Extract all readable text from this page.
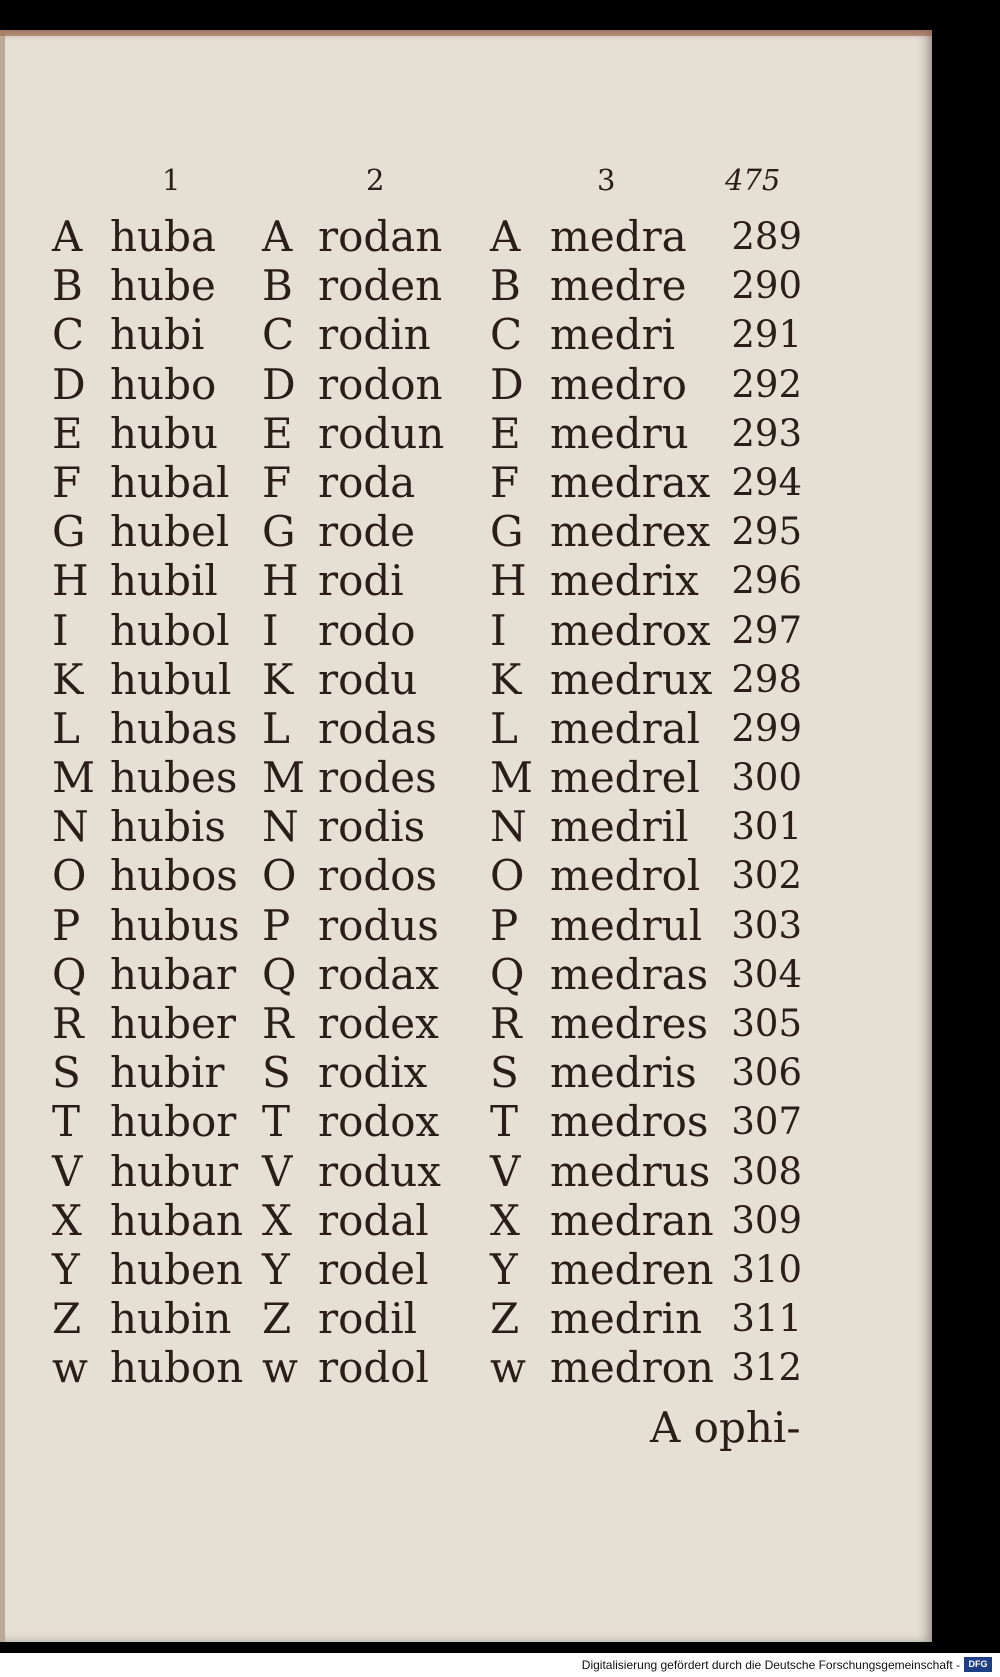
1	2	3	475
A huba A rodan A medra	289
B hube B roden B medre	290
C hubi C rodin C medri	291
D hubo D rodon D medro	292
E hubu E rodun E medru	293
F hubal F roda F medrax 294
G hubel G rode G medrex 295
H hubil H rodi H medrix 296
I hubol I rodo I	medrox 297
K hubul K rodu K medrux 298
L hubas L rodas L medral 299
M hubes M rodes M medrel 300
N hubis N rodis N medril	301
O hubos O rodos O medrol 302
P hubus P rodus P medrul 303
Q hubar Q rodax Q medras 304
R huber R rodex R medres 305
S hubir S rodix S medris 306
T hubor T rodox T medros 307
V hubur V rodux V medrus 308
X huban X rodal X medran 309
Y huben Y rodel Y medren 310
Z hubin Z rodil Z medrin 311
w hubon w rodol w medron 312
A ophi-
Digitalisierung gefördert durch die Deutsche Forschungsgemeinschaft - DFG
